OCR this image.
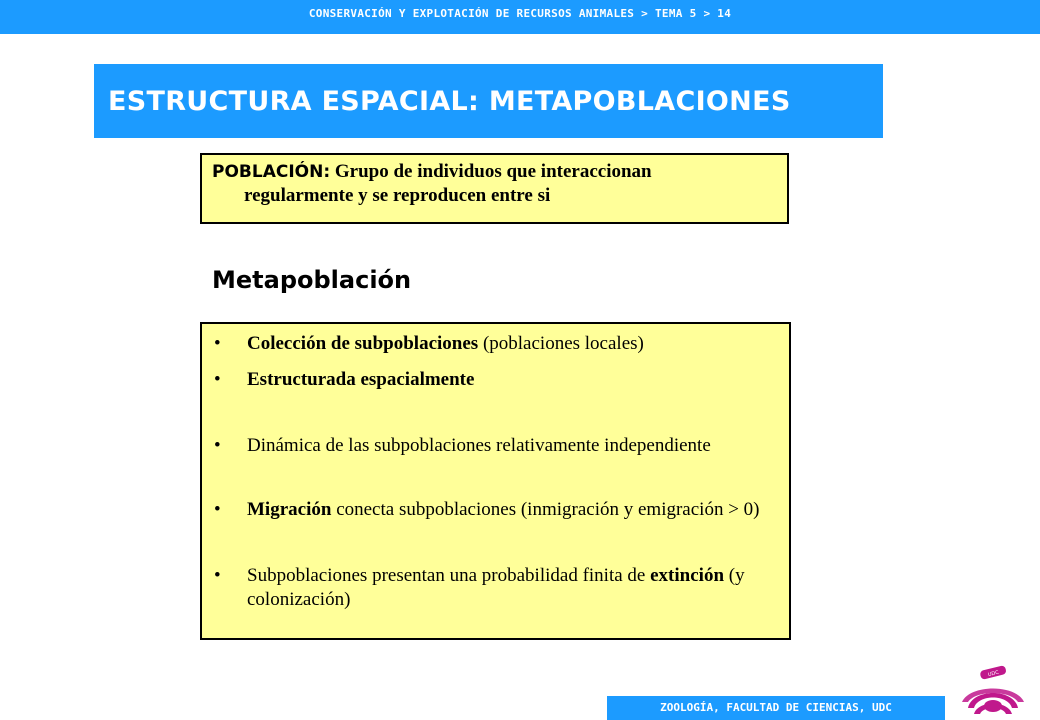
CONSERVACIÓN Y EXPLOTACIÓN DE RECURSOS ANIMALES > TEMA 5 > 14
ESTRUCTURA ESPACIAL: METAPOBLACIONES
POBLACIÓN: Grupo de individuos que interaccionan
regularmente y se reproducen entre si
Metapoblación
• Colección de subpoblaciones (poblaciones locales)
• Estructurada espacialmente
• Dinámica de las subpoblaciones relativamente independiente
• Migración conecta subpoblaciones (inmigración y emigración > 0)
• Subpoblaciones presentan una probabilidad finita de extinción (y colonización)
ZOOLOGÍA, FACULTAD DE CIENCIAS, UDC
UDC
